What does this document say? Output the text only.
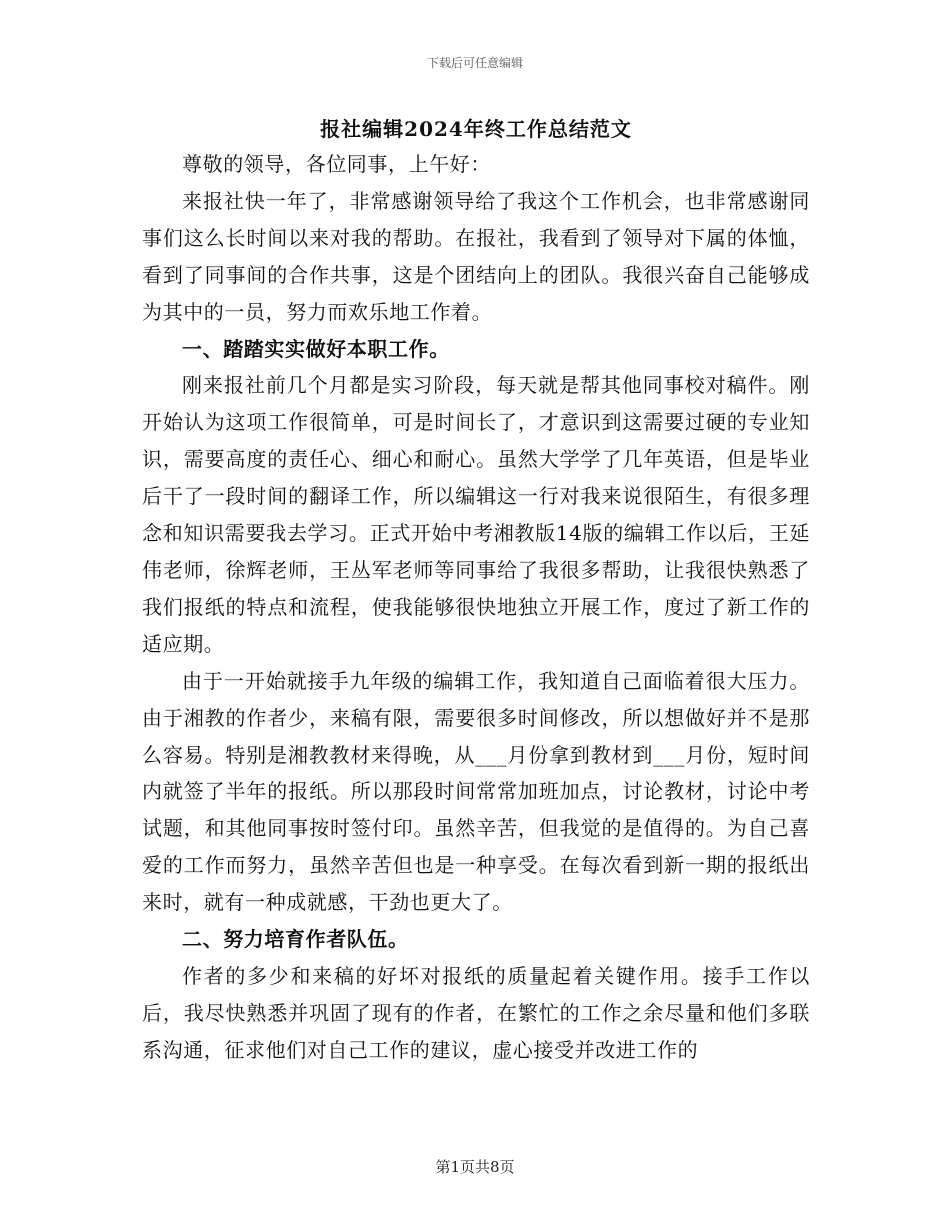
下载后可任意编辑
报社编辑2024年终工作总结范文

尊敬的领导，各位同事，上午好：

来报社快一年了，非常感谢领导给了我这个工作机会，也非常感谢同事们这么长时间以来对我的帮助。在报社，我看到了领导对下属的体恤，看到了同事间的合作共事，这是个团结向上的团队。我很兴奋自己能够成为其中的一员，努力而欢乐地工作着。

一、踏踏实实做好本职工作。

刚来报社前几个月都是实习阶段，每天就是帮其他同事校对稿件。刚开始认为这项工作很简单，可是时间长了，才意识到这需要过硬的专业知识，需要高度的责任心、细心和耐心。虽然大学学了几年英语，但是毕业后干了一段时间的翻译工作，所以编辑这一行对我来说很陌生，有很多理念和知识需要我去学习。正式开始中考湘教版14版的编辑工作以后，王延伟老师，徐辉老师，王丛军老师等同事给了我很多帮助，让我很快熟悉了我们报纸的特点和流程，使我能够很快地独立开展工作，度过了新工作的适应期。

由于一开始就接手九年级的编辑工作，我知道自己面临着很大压力。由于湘教的作者少，来稿有限，需要很多时间修改，所以想做好并不是那么容易。特别是湘教教材来得晚，从___月份拿到教材到___月份，短时间内就签了半年的报纸。所以那段时间常常加班加点，讨论教材，讨论中考试题，和其他同事按时签付印。虽然辛苦，但我觉的是值得的。为自己喜爱的工作而努力，虽然辛苦但也是一种享受。在每次看到新一期的报纸出来时，就有一种成就感，干劲也更大了。

二、努力培育作者队伍。

作者的多少和来稿的好坏对报纸的质量起着关键作用。接手工作以后，我尽快熟悉并巩固了现有的作者，在繁忙的工作之余尽量和他们多联系沟通，征求他们对自己工作的建议，虚心接受并改进工作的

第1页共8页
